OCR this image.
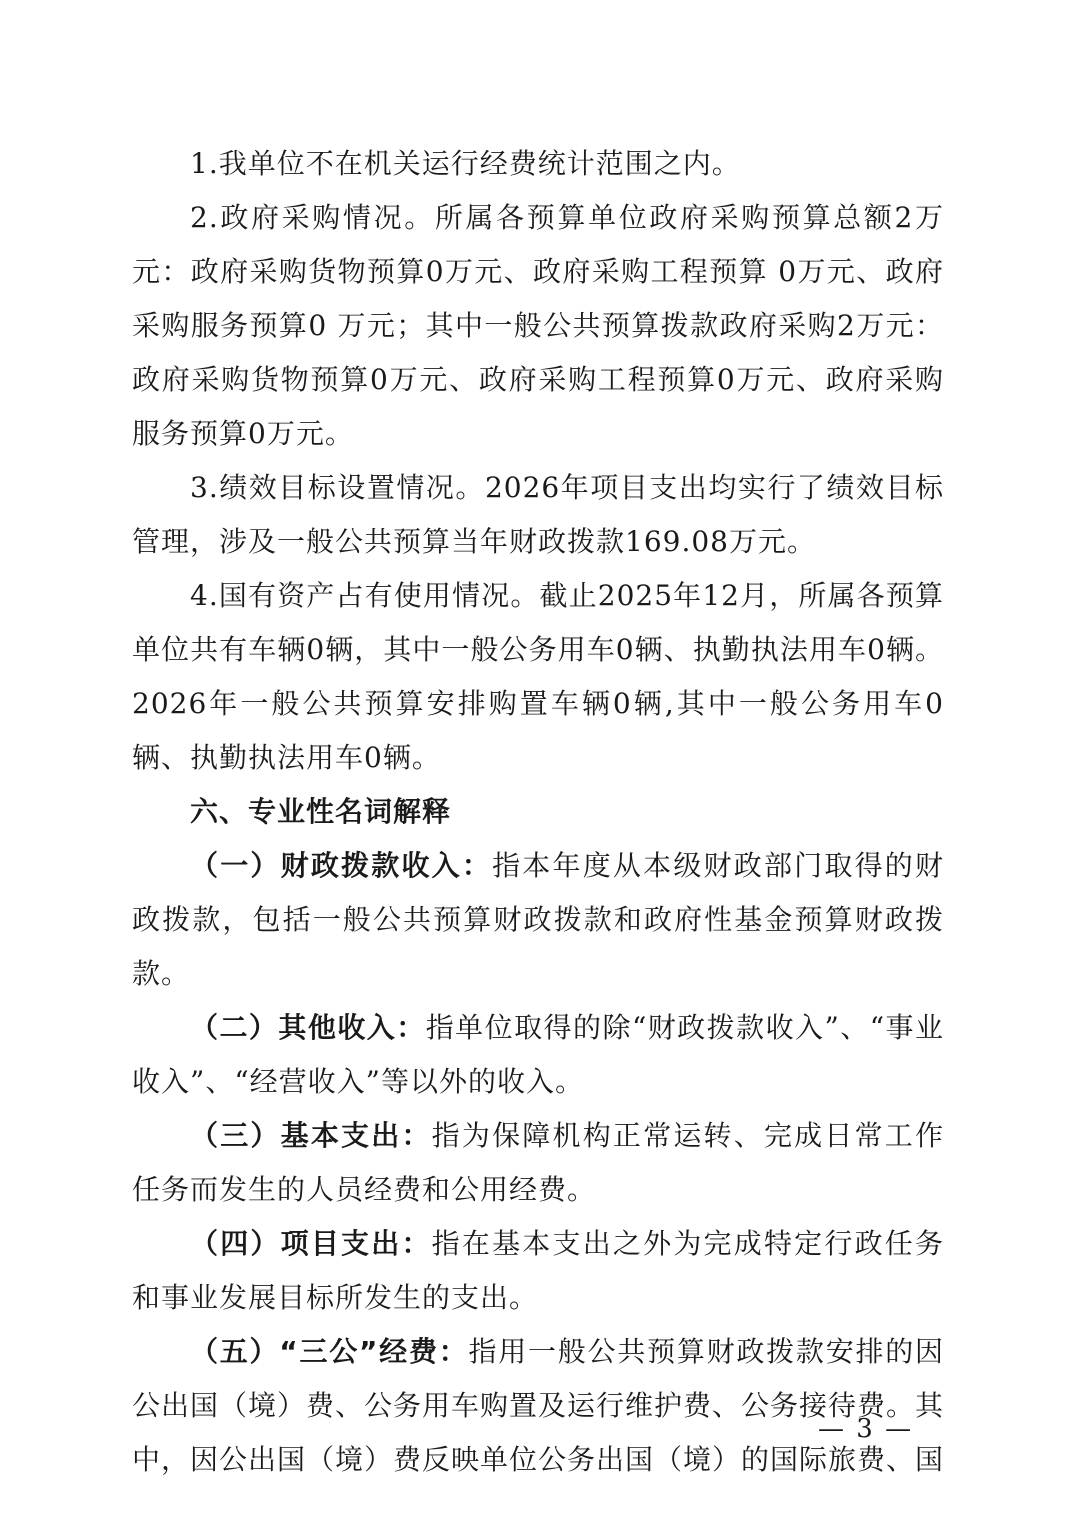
1.我单位不在机关运行经费统计范围之内。

2.政府采购情况。所属各预算单位政府采购预算总额2万元：政府采购货物预算0万元、政府采购工程预算 0万元、政府采购服务预算0 万元；其中一般公共预算拨款政府采购2万元：政府采购货物预算0万元、政府采购工程预算0万元、政府采购服务预算0万元。

3.绩效目标设置情况。2026年项目支出均实行了绩效目标管理，涉及一般公共预算当年财政拨款169.08万元。

4.国有资产占有使用情况。截止2025年12月，所属各预算单位共有车辆0辆，其中一般公务用车0辆、执勤执法用车0辆。2026年一般公共预算安排购置车辆0辆,其中一般公务用车0辆、执勤执法用车0辆。

六、专业性名词解释

（一）财政拨款收入：指本年度从本级财政部门取得的财政拨款，包括一般公共预算财政拨款和政府性基金预算财政拨款。

（二）其他收入：指单位取得的除“财政拨款收入”、“事业收入”、“经营收入”等以外的收入。

（三）基本支出：指为保障机构正常运转、完成日常工作任务而发生的人员经费和公用经费。

（四）项目支出：指在基本支出之外为完成特定行政任务和事业发展目标所发生的支出。

（五）“三公”经费：指用一般公共预算财政拨款安排的因公出国（境）费、公务用车购置及运行维护费、公务接待费。其中，因公出国（境）费反映单位公务出国（境）的国际旅费、国

— 3 —
